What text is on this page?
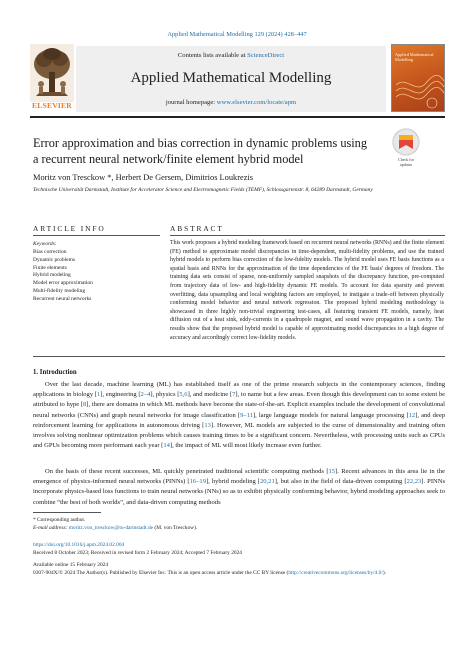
Applied Mathematical Modelling 129 (2024) 428–447
Contents lists available at ScienceDirect
Applied Mathematical Modelling
journal homepage: www.elsevier.com/locate/apm
ELSEVIER
Applied Mathematical Modelling
Error approximation and bias correction in dynamic problems using a recurrent neural network/finite element hybrid model	Check for
updates
Moritz von Tresckow *, Herbert De Gersem, Dimitrios Loukrezis
Technische Universität Darmstadt, Institute for Accelerator Science and Electromagnetic Fields (TEMF), Schlossgartenstr. 8, 64289 Darmstadt, Germany
ARTICLE INFO	ABSTRACT
Keywords:
Bias correction
Dynamic problems
Finite elements
Hybrid modeling
Model error approximation
Multi-fidelity modeling
Recurrent neural networks
This work proposes a hybrid modeling framework based on recurrent neural networks (RNNs) and the finite element (FE) method to approximate model discrepancies in time-dependent, multi-fidelity problems, and use the trained hybrid models to perform bias correction of the low-fidelity models. The hybrid model uses FE basis functions as a spatial basis and RNNs for the approximation of the time dependencies of the FE basis' degrees of freedom. The training data sets consist of sparse, non-uniformly sampled snapshots of the discrepancy function, pre-computed from trajectory data of low- and high-fidelity dynamic FE models. To account for data sparsity and prevent overfitting, data upsampling and local weighting factors are employed, to instigate a trade-off between physically conforming model behavior and neural network regression. The proposed hybrid modeling methodology is showcased in three highly non-trivial engineering test-cases, all featuring transient FE models, namely, heat diffusion out of a heat sink, eddy-currents in a quadrupole magnet, and sound wave propagation in a cavity. The results show that the proposed hybrid model is capable of approximating model discrepancies to a high degree of accuracy and accordingly correct low-fidelity models.
1. Introduction
Over the last decade, machine learning (ML) has established itself as one of the prime research subjects in the contemporary sciences, finding applications in biology [1], engineering [2–4], physics [5,6], and medicine [7], to name but a few areas. Even though this development can to some extent be attributed to hype [8], there are domains in which ML methods have become the state-of-the-art. Explicit examples include the development of convolutional neural networks (CNNs) and graph neural networks for image classification [9–11], large language models for natural language processing [12], and deep reinforcement learning for applications in autonomous driving [13]. However, ML models are subjected to the curse of dimensionality and training often involves solving nonlinear optimization problems which causes training times to be a significant concern. Nevertheless, with processing units such as CPUs and GPUs becoming more performant each year [14], the impact of ML will most likely increase even further.
On the basis of these recent successes, ML quickly penetrated traditional scientific computing methods [15]. Recent advances in this area lie in the emergence of physics-informed neural networks (PINNs) [16–19], hybrid modeling [20,21], but also in the field of data-driven computing [22,23]. PINNs incorporate physics-based loss functions to train neural networks (NNs) so as to exhibit physically conforming behavior, hybrid modeling approaches seek to combine “the best of both worlds”, and data-driven computing methods
* Corresponding author.
E-mail address: moritz.von_tresckow@tu-darmstadt.de (M. von Tresckow).
https://doi.org/10.1016/j.apm.2024.02.004
Received 8 October 2023; Received in revised form 2 February 2024; Accepted 7 February 2024
Available online 15 February 2024
0307-904X/© 2024 The Author(s). Published by Elsevier Inc. This is an open access article under the CC BY license (http://creativecommons.org/licenses/by/4.0/).
